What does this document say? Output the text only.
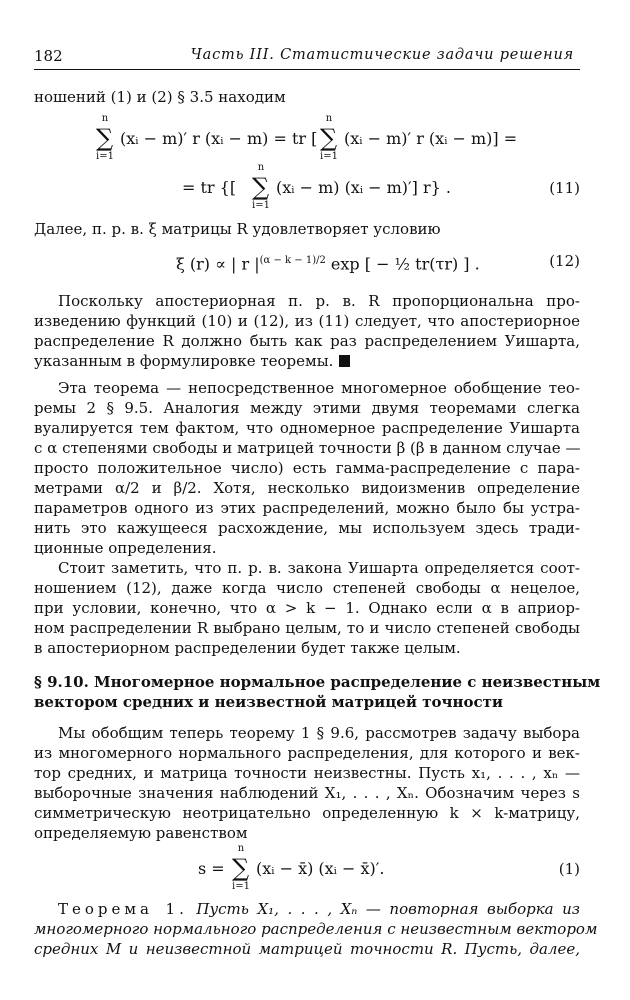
182	Часть III. Статистические задачи решения
ношений (1) и (2) § 3.5 находим
∑
n
i=1
(xᵢ − m)′ r (xᵢ − m) = tr [ ∑
n
i=1
(xᵢ − m)′ r (xᵢ − m)] =
= tr {[ ∑
n
i=1
(xᵢ − m) (xᵢ − m)′] r} .	(11)
Далее, п. р. в. ξ матрицы R удовлетворяет условию
ξ (r) ∝ | r $|^{(\alpha - k - 1)/2}$ exp [ − ½ tr(τr) ] .	(12)
Поскольку апостериорная п. р. в. R пропорциональна про-
изведению функций (10) и (12), из (11) следует, что апостериорное
распределение R должно быть как раз распределением Уишарта,
указанным в формулировке теоремы.
Эта теорема — непосредственное многомерное обобщение тео-
ремы 2 § 9.5. Аналогия между этими двумя теоремами слегка
вуалируется тем фактом, что одномерное распределение Уишарта
с α степенями свободы и матрицей точности β (β в данном случае —
просто положительное число) есть гамма-распределение с пара-
метрами α/2 и β/2. Хотя, несколько видоизменив определение
параметров одного из этих распределений, можно было бы устра-
нить это кажущееся расхождение, мы используем здесь тради-
ционные определения.
Стоит заметить, что п. р. в. закона Уишарта определяется соот-
ношением (12), даже когда число степеней свободы α нецелое,
при условии, конечно, что α > k − 1. Однако если α в априор-
ном распределении R выбрано целым, то и число степеней свободы
в апостериорном распределении будет также целым.
§ 9.10. Многомерное нормальное распределение с неизвестным
вектором средних и неизвестной матрицей точности
Мы обобщим теперь теорему 1 § 9.6, рассмотрев задачу выбора
из многомерного нормального распределения, для которого и век-
тор средних, и матрица точности неизвестны. Пусть x₁, . . . , xₙ —
выборочные значения наблюдений X₁, . . . , Xₙ. Обозначим через s
симметрическую неотрицательно определенную k × k-матрицу,
определяемую равенством
s = ∑
n
i=1
(xᵢ − x̄) (xᵢ − x̄)′.	(1)
Теорема 1. Пусть X₁, . . . , Xₙ — повторная выборка из
многомерного нормального распределения с неизвестным вектором
средних M и неизвестной матрицей точности R. Пусть, далее,
